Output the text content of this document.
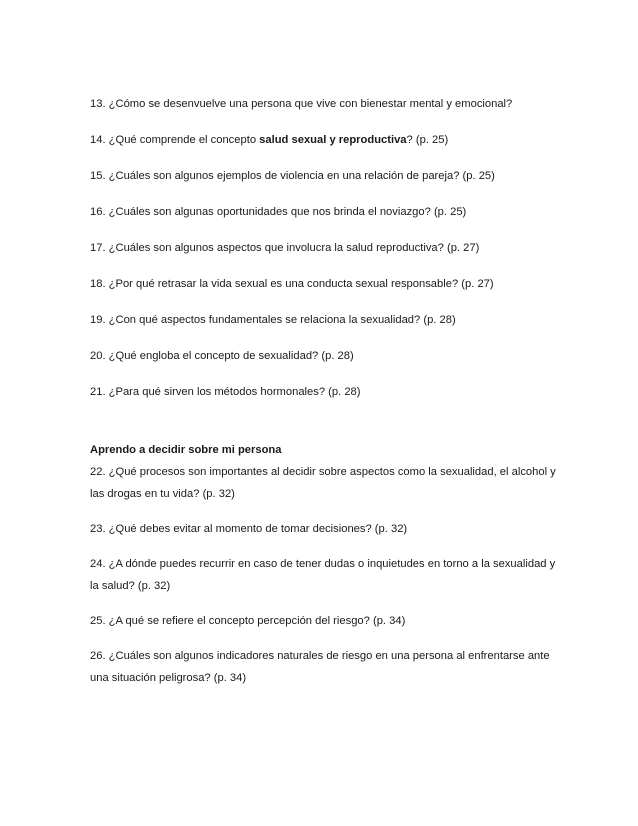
13. ¿Cómo se desenvuelve una persona que vive con bienestar mental y emocional?

14. ¿Qué comprende el concepto salud sexual y reproductiva? (p. 25)

15. ¿Cuáles son algunos ejemplos de violencia en una relación de pareja? (p. 25)

16. ¿Cuáles son algunas oportunidades que nos brinda el noviazgo? (p. 25)

17. ¿Cuáles son algunos aspectos que involucra la salud reproductiva? (p. 27)

18. ¿Por qué retrasar la vida sexual es una conducta sexual responsable? (p. 27)

19. ¿Con qué aspectos fundamentales se relaciona la sexualidad? (p. 28)

20. ¿Qué engloba el concepto de sexualidad? (p. 28)

21. ¿Para qué sirven los métodos hormonales? (p. 28)

Aprendo a decidir sobre mi persona

22. ¿Qué procesos son importantes al decidir sobre aspectos como la sexualidad, el alcohol y las drogas en tu vida? (p. 32)

23. ¿Qué debes evitar al momento de tomar decisiones? (p. 32)

24. ¿A dónde puedes recurrir en caso de tener dudas o inquietudes en torno a la sexualidad y la salud? (p. 32)

25. ¿A qué se refiere el concepto percepción del riesgo? (p. 34)

26. ¿Cuáles son algunos indicadores naturales de riesgo en una persona al enfrentarse ante una situación peligrosa? (p. 34)
